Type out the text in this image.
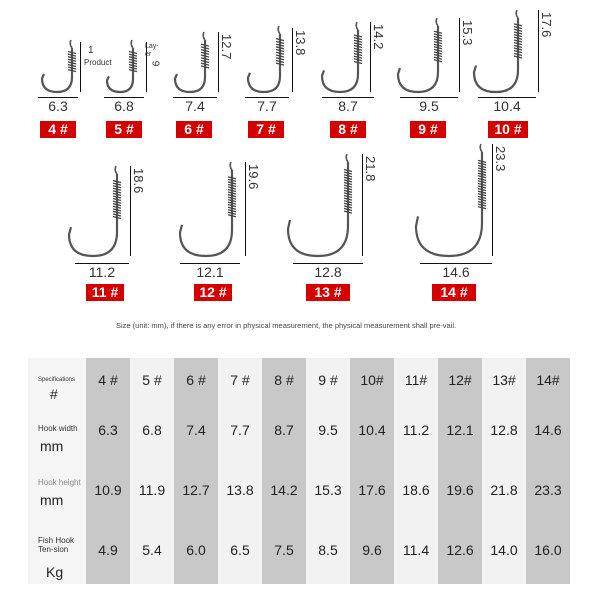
6.3
4 #
6.8
5 #
7.4
12.7
6 #
7.7
13.8
7 #
8.7
14.2
8 #
9.5
15.3
9 #
10.4
17.6
10 #
11.2
18.6
11 #
12.1
19.6
12 #
12.8
21.8
13 #
14.6
23.3
14 #
1
Product
Lay-
er
9
Size (unit: mm), if there is any error in physical measurement, the physical measurement shall pre-vail.
Specifications
#
4 #	5 #	6 #	7 #	8 #	9 #	10#	11#	12#	13#	14#
Hook width
mm
6.3	6.8	7.4	7.7	8.7	9.5	10.4	11.2	12.1	12.8	14.6
Hook height
mm
10.9	11.9	12.7	13.8	14.2	15.3	17.6	18.6	19.6	21.8	23.3
Fish Hook Ten-sion
Kg
4.9	5.4	6.0	6.5	7.5	8.5	9.6	11.4	12.6	14.0	16.0
